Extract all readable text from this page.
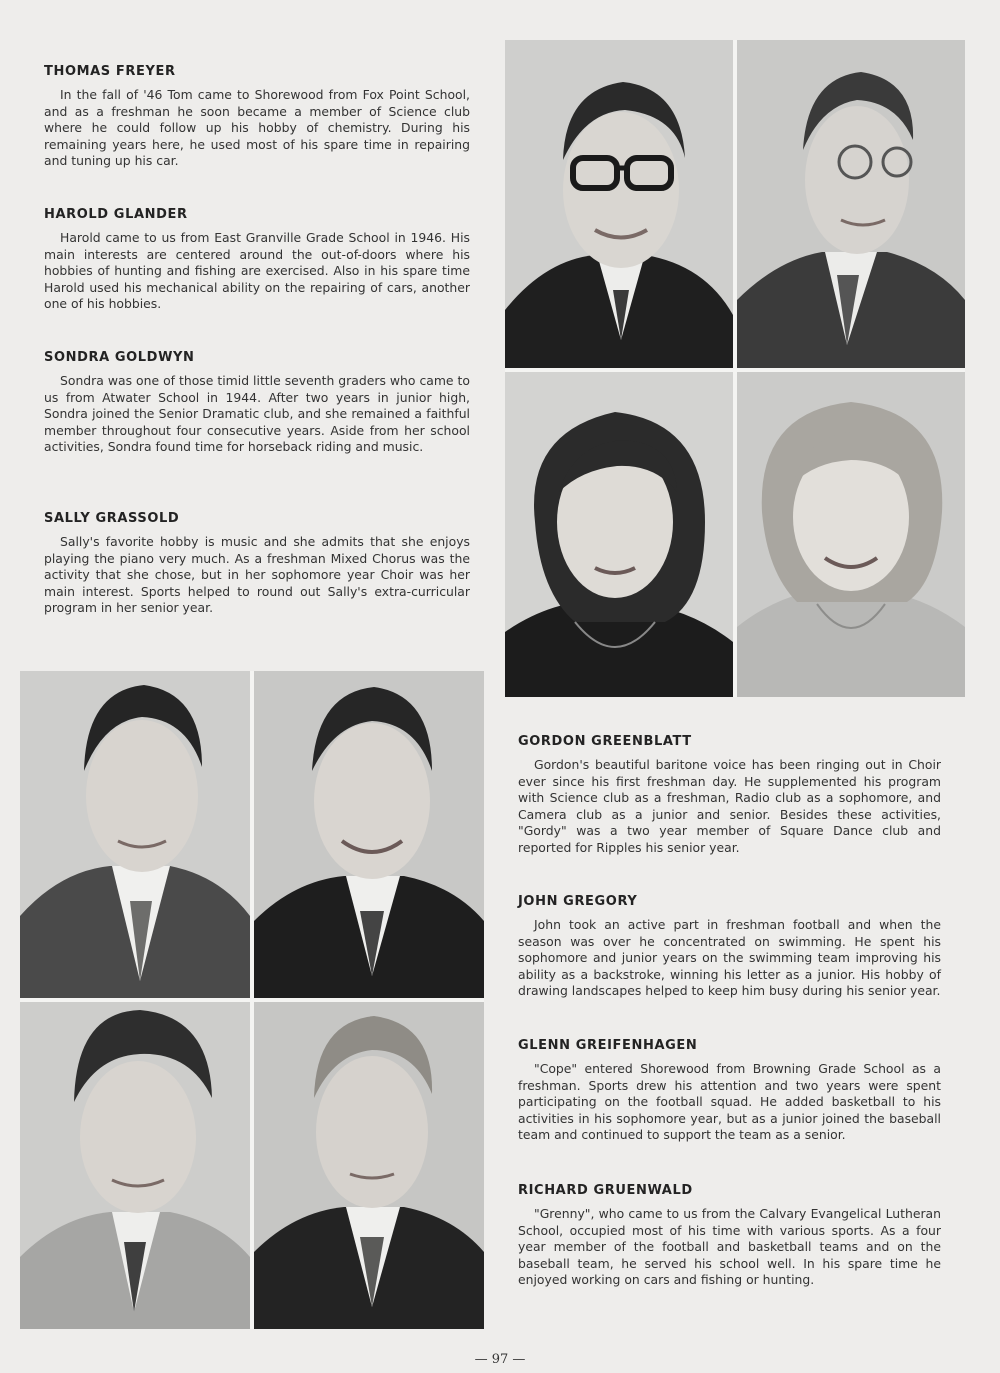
THOMAS FREYER

In the fall of '46 Tom came to Shorewood from Fox Point School, and as a freshman he soon became a member of Science club where he could follow up his hobby of chemistry. During his remaining years here, he used most of his spare time in repairing and tuning up his car.

HAROLD GLANDER

Harold came to us from East Granville Grade School in 1946. His main interests are centered around the out-of-doors where his hobbies of hunting and fishing are exercised. Also in his spare time Harold used his mechanical ability on the repairing of cars, another one of his hobbies.

SONDRA GOLDWYN

Sondra was one of those timid little seventh graders who came to us from Atwater School in 1944. After two years in junior high, Sondra joined the Senior Dramatic club, and she remained a faithful member throughout four consecutive years. Aside from her school activities, Sondra found time for horseback riding and music.

SALLY GRASSOLD

Sally's favorite hobby is music and she admits that she enjoys playing the piano very much. As a freshman Mixed Chorus was the activity that she chose, but in her sophomore year Choir was her main interest. Sports helped to round out Sally's extra-curricular program in her senior year.

GORDON GREENBLATT

Gordon's beautiful baritone voice has been ringing out in Choir ever since his first freshman day. He supplemented his program with Science club as a freshman, Radio club as a sophomore, and Camera club as a junior and senior. Besides these activities, "Gordy" was a two year member of Square Dance club and reported for Ripples his senior year.

JOHN GREGORY

John took an active part in freshman football and when the season was over he concentrated on swimming. He spent his sophomore and junior years on the swimming team improving his ability as a backstroke, winning his letter as a junior. His hobby of drawing landscapes helped to keep him busy during his senior year.

GLENN GREIFENHAGEN

"Cope" entered Shorewood from Browning Grade School as a freshman. Sports drew his attention and two years were spent participating on the football squad. He added basketball to his activities in his sophomore year, but as a junior joined the baseball team and continued to support the team as a senior.

RICHARD GRUENWALD

"Grenny", who came to us from the Calvary Evangelical Lutheran School, occupied most of his time with various sports. As a four year member of the football and basketball teams and on the baseball team, he served his school well. In his spare time he enjoyed working on cars and fishing or hunting.

— 97 —
